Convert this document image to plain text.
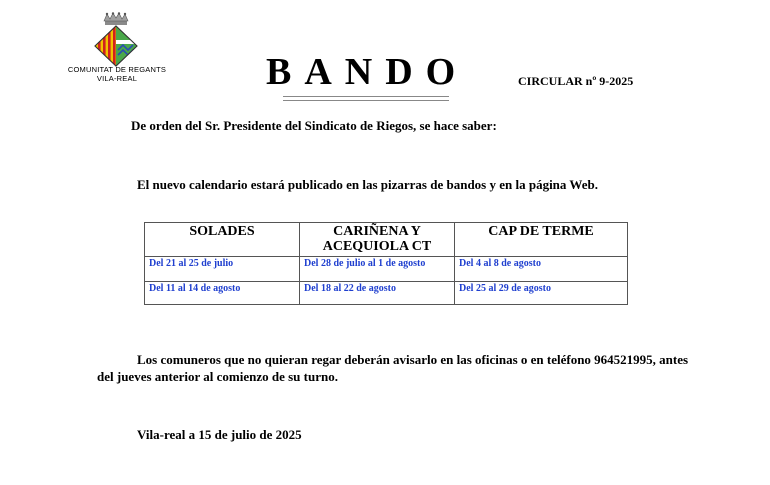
COMUNITAT DE REGANTS
VILA-REAL	BANDO	CIRCULAR nº 9-2025
De orden del Sr. Presidente del Sindicato de Riegos, se hace saber:
El nuevo calendario estará publicado en las pizarras de bandos y en la página Web.
SOLADES	CARIÑENA Y ACEQUIOLA CT	CAP DE TERME
Del 21 al 25 de julio	Del 28 de julio al 1 de agosto	Del 4 al 8 de agosto
Del 11 al 14 de agosto	Del 18 al 22 de agosto	Del 25 al 29 de agosto
Los comuneros que no quieran regar deberán avisarlo en las oficinas o en teléfono 964521995, antes del jueves anterior al comienzo de su turno.
Vila-real a 15 de julio de 2025
